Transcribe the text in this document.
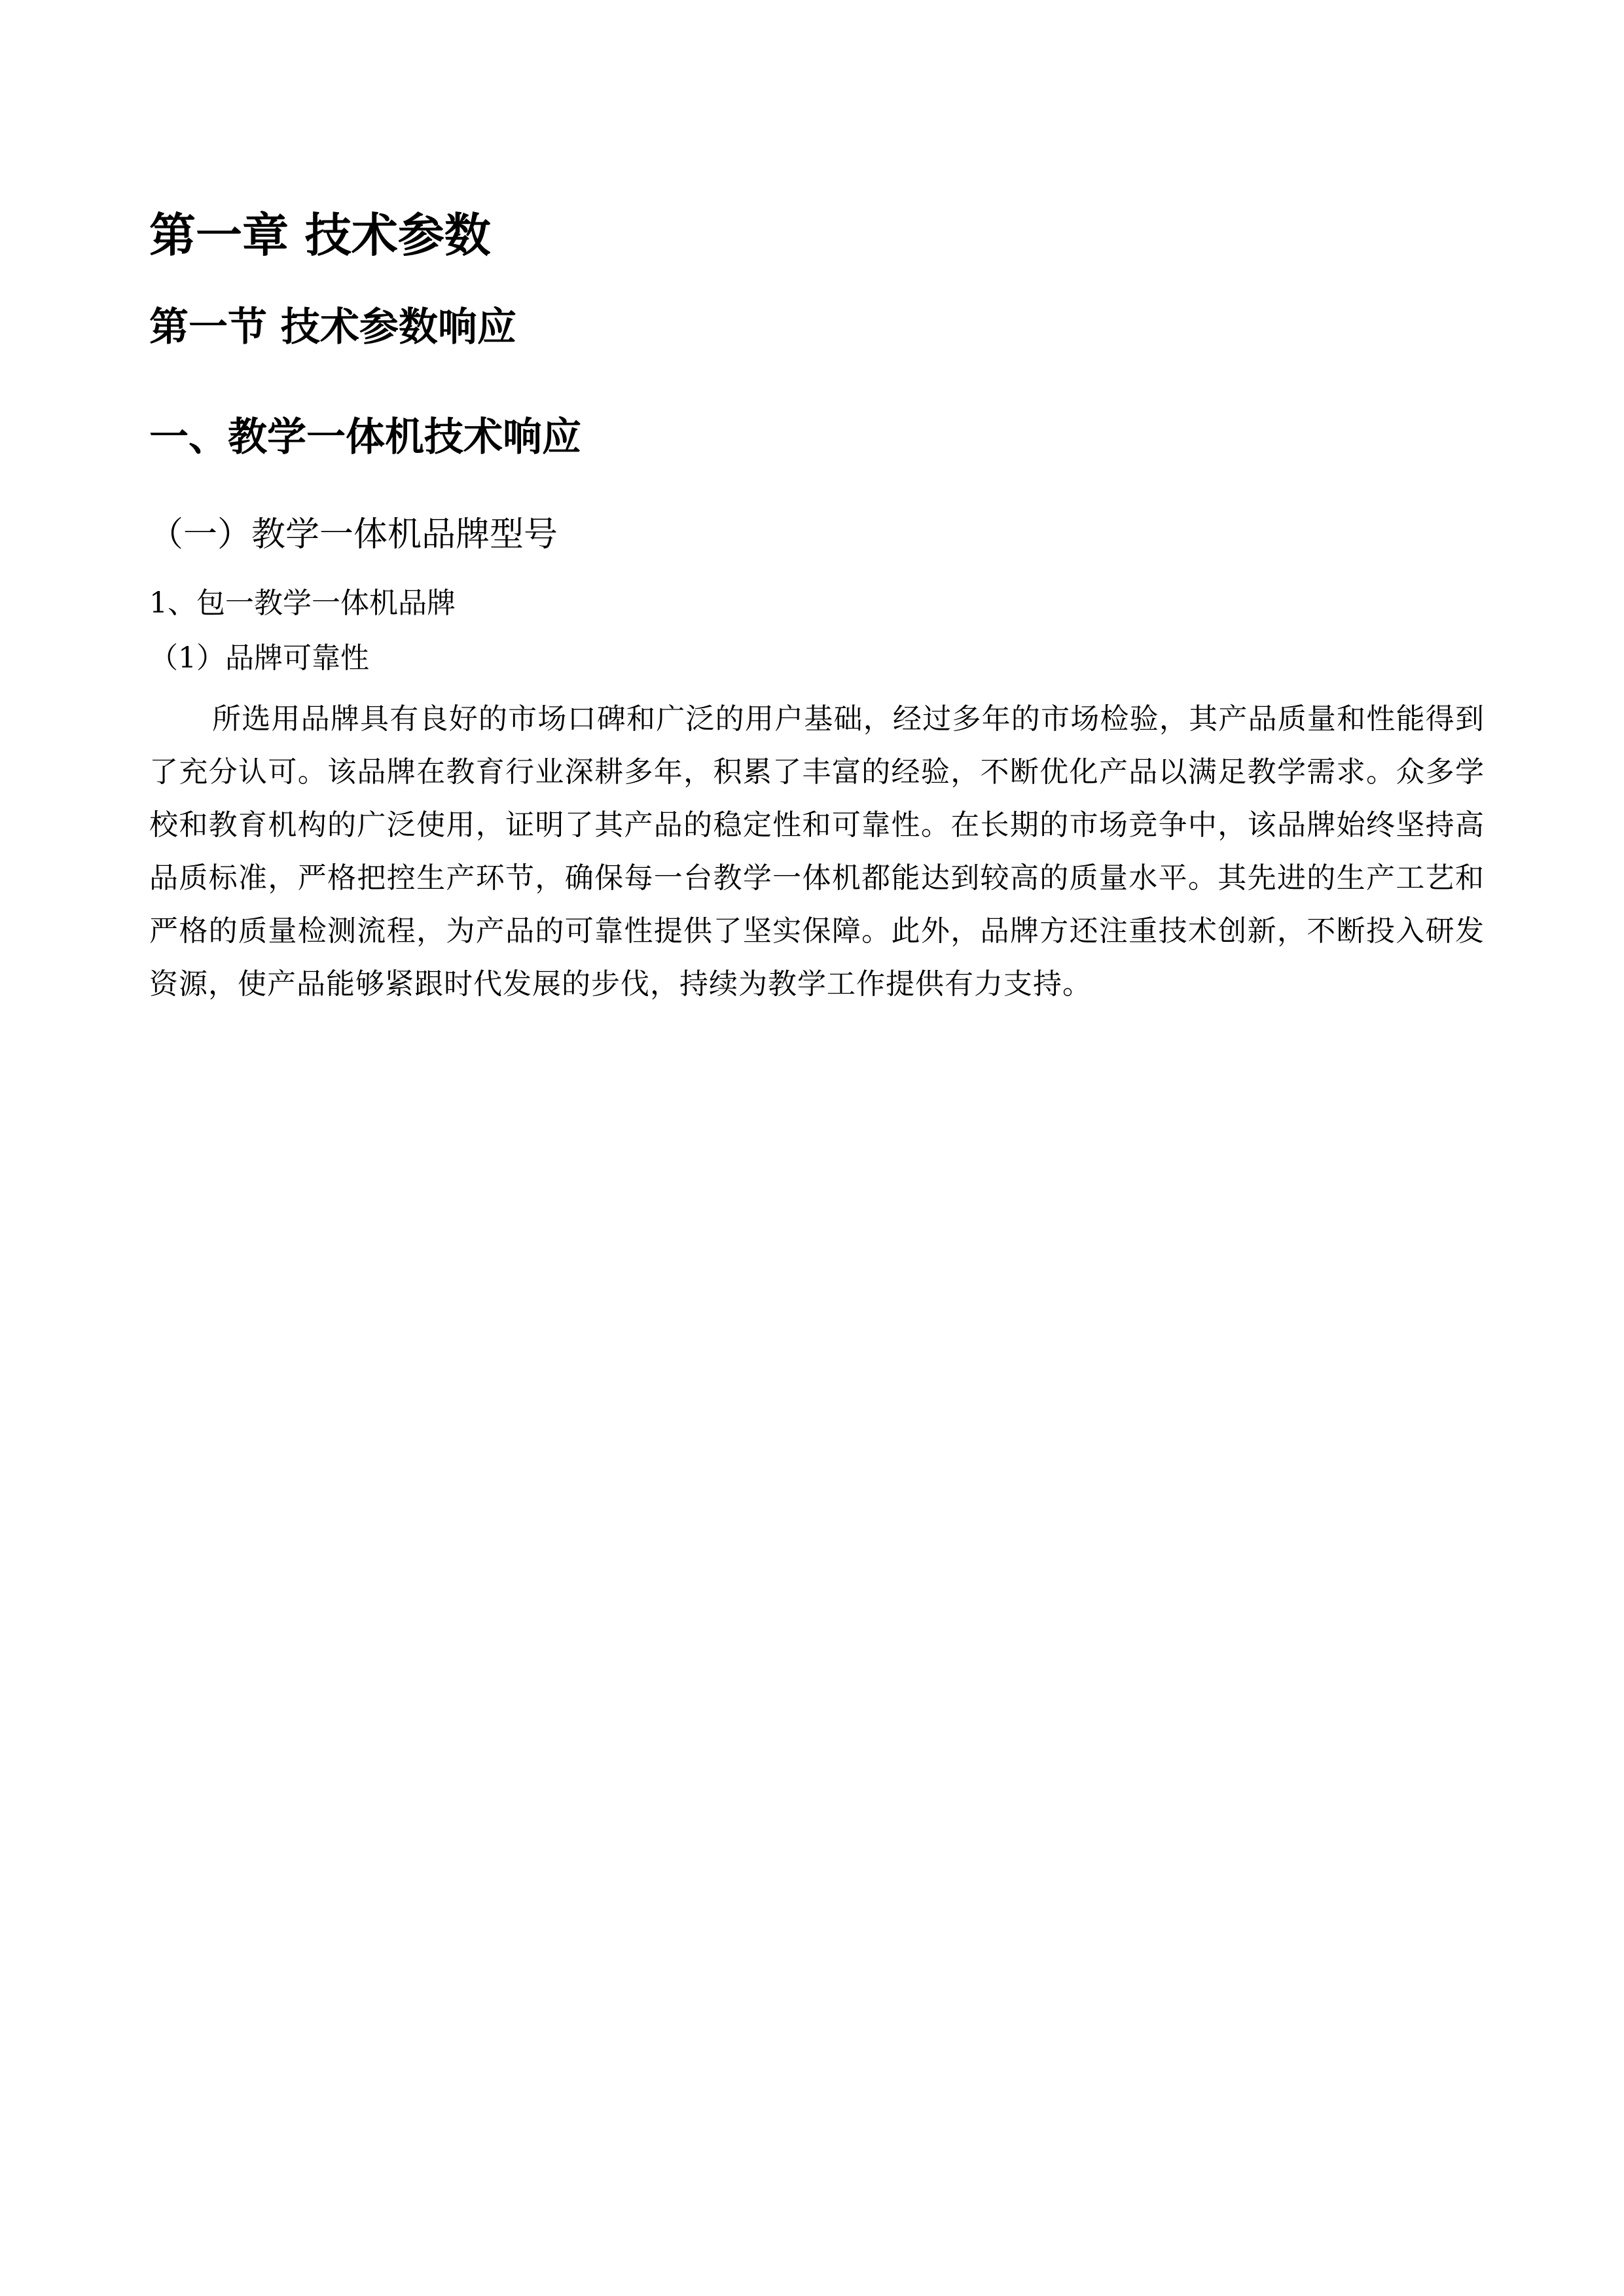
第一章 技术参数
第一节 技术参数响应
一、教学一体机技术响应
（一）教学一体机品牌型号
1、包一教学一体机品牌
（1）品牌可靠性

所选用品牌具有良好的市场口碑和广泛的用户基础，经过多年的市场检验，其产品质量和性能得到了充分认可。该品牌在教育行业深耕多年，积累了丰富的经验，不断优化产品以满足教学需求。众多学校和教育机构的广泛使用，证明了其产品的稳定性和可靠性。在长期的市场竞争中，该品牌始终坚持高品质标准，严格把控生产环节，确保每一台教学一体机都能达到较高的质量水平。其先进的生产工艺和严格的质量检测流程，为产品的可靠性提供了坚实保障。此外，品牌方还注重技术创新，不断投入研发资源，使产品能够紧跟时代发展的步伐，持续为教学工作提供有力支持。
